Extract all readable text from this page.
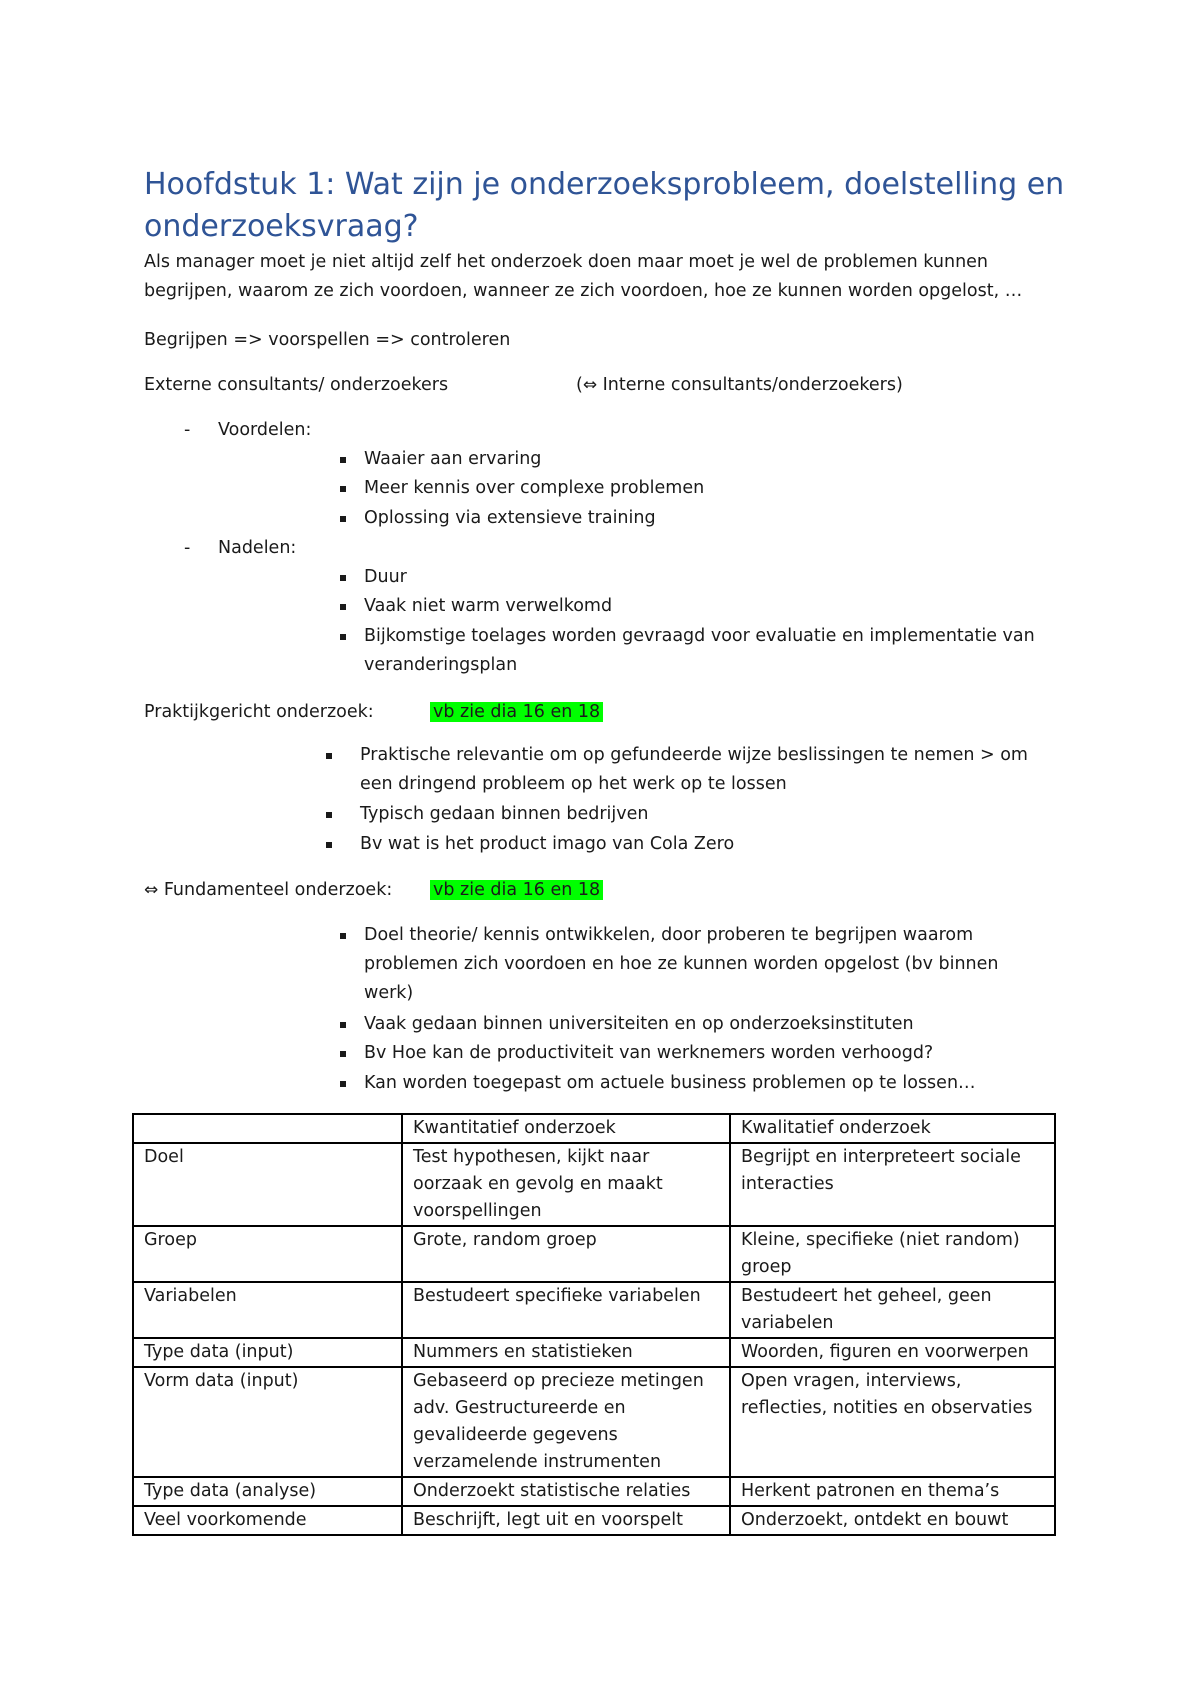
Hoofdstuk 1: Wat zijn je onderzoeksprobleem, doelstelling en onderzoeksvraag?

Als manager moet je niet altijd zelf het onderzoek doen maar moet je wel de problemen kunnen begrijpen, waarom ze zich voordoen, wanneer ze zich voordoen, hoe ze kunnen worden opgelost, …

Begrijpen => voorspellen => controleren

Externe consultants/ onderzoekers	(⇔ Interne consultants/onderzoekers)

- Voordelen:

Waaier aan ervaring

Meer kennis over complexe problemen

Oplossing via extensieve training

- Nadelen:

Duur

Vaak niet warm verwelkomd

Bijkomstige toelages worden gevraagd voor evaluatie en implementatie van veranderingsplan

Praktijkgericht onderzoek:	vb zie dia 16 en 18

Praktische relevantie om op gefundeerde wijze beslissingen te nemen > om een dringend probleem op het werk op te lossen

Typisch gedaan binnen bedrijven

Bv wat is het product imago van Cola Zero

⇔ Fundamenteel onderzoek: vb zie dia 16 en 18

Doel theorie/ kennis ontwikkelen, door proberen te begrijpen waarom problemen zich voordoen en hoe ze kunnen worden opgelost (bv binnen werk)

Vaak gedaan binnen universiteiten en op onderzoeksinstituten

Bv Hoe kan de productiviteit van werknemers worden verhoogd?

Kan worden toegepast om actuele business problemen op te lossen…

	Kwantitatief onderzoek	Kwalitatief onderzoek
Doel	Test hypothesen, kijkt naar oorzaak en gevolg en maakt voorspellingen	Begrijpt en interpreteert sociale interacties
Groep	Grote, random groep	Kleine, specifieke (niet random) groep
Variabelen	Bestudeert specifieke variabelen	Bestudeert het geheel, geen variabelen
Type data (input)	Nummers en statistieken	Woorden, figuren en voorwerpen
Vorm data (input)	Gebaseerd op precieze metingen adv. Gestructureerde en gevalideerde gegevens verzamelende instrumenten	Open vragen, interviews, reflecties, notities en observaties
Type data (analyse)	Onderzoekt statistische relaties	Herkent patronen en thema’s
Veel voorkomende	Beschrijft, legt uit en voorspelt	Onderzoekt, ontdekt en bouwt
